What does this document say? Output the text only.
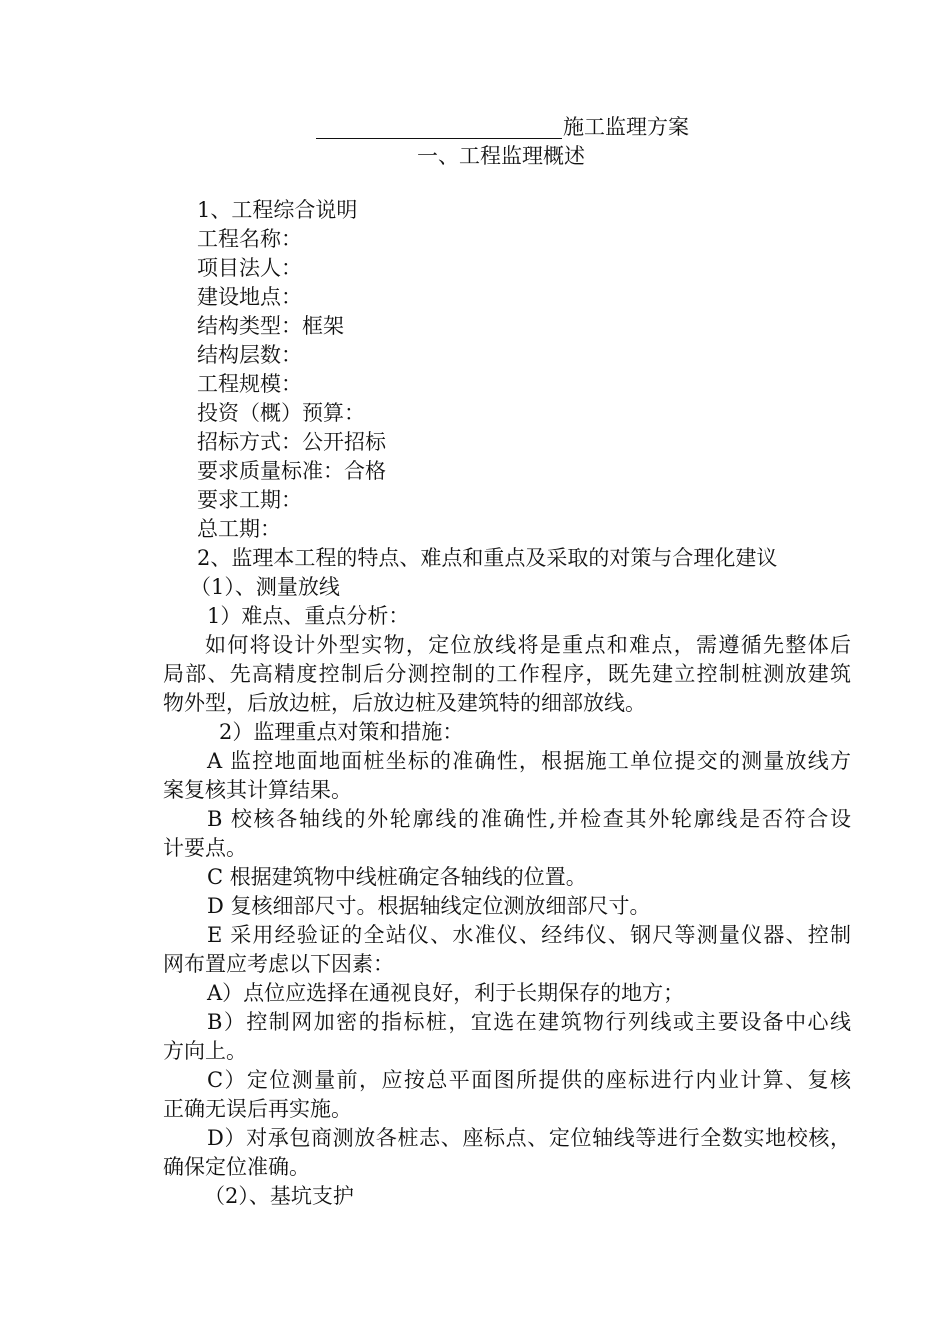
施工监理方案
一、工程监理概述
1、工程综合说明
工程名称：
项目法人：
建设地点：
结构类型：框架
结构层数：
工程规模：
投资（概）预算：
招标方式：公开招标
要求质量标准：合格
要求工期：
总工期：
2、监理本工程的特点、难点和重点及采取的对策与合理化建议
（1）、测量放线
1）难点、重点分析：
如何将设计外型实物，定位放线将是重点和难点，需遵循先整体后
局部、先高精度控制后分测控制的工作程序，既先建立控制桩测放建筑
物外型，后放边桩，后放边桩及建筑特的细部放线。
2）监理重点对策和措施：
A 监控地面地面桩坐标的准确性，根据施工单位提交的测量放线方
案复核其计算结果。
B 校核各轴线的外轮廓线的准确性,并检查其外轮廓线是否符合设
计要点。
C 根据建筑物中线桩确定各轴线的位置。
D 复核细部尺寸。根据轴线定位测放细部尺寸。
E 采用经验证的全站仪、水准仪、经纬仪、钢尺等测量仪器、控制
网布置应考虑以下因素：
A）点位应选择在通视良好，利于长期保存的地方；
B）控制网加密的指标桩，宜选在建筑物行列线或主要设备中心线
方向上。
C）定位测量前，应按总平面图所提供的座标进行内业计算、复核
正确无误后再实施。
D）对承包商测放各桩志、座标点、定位轴线等进行全数实地校核，
确保定位准确。
（2）、基坑支护
